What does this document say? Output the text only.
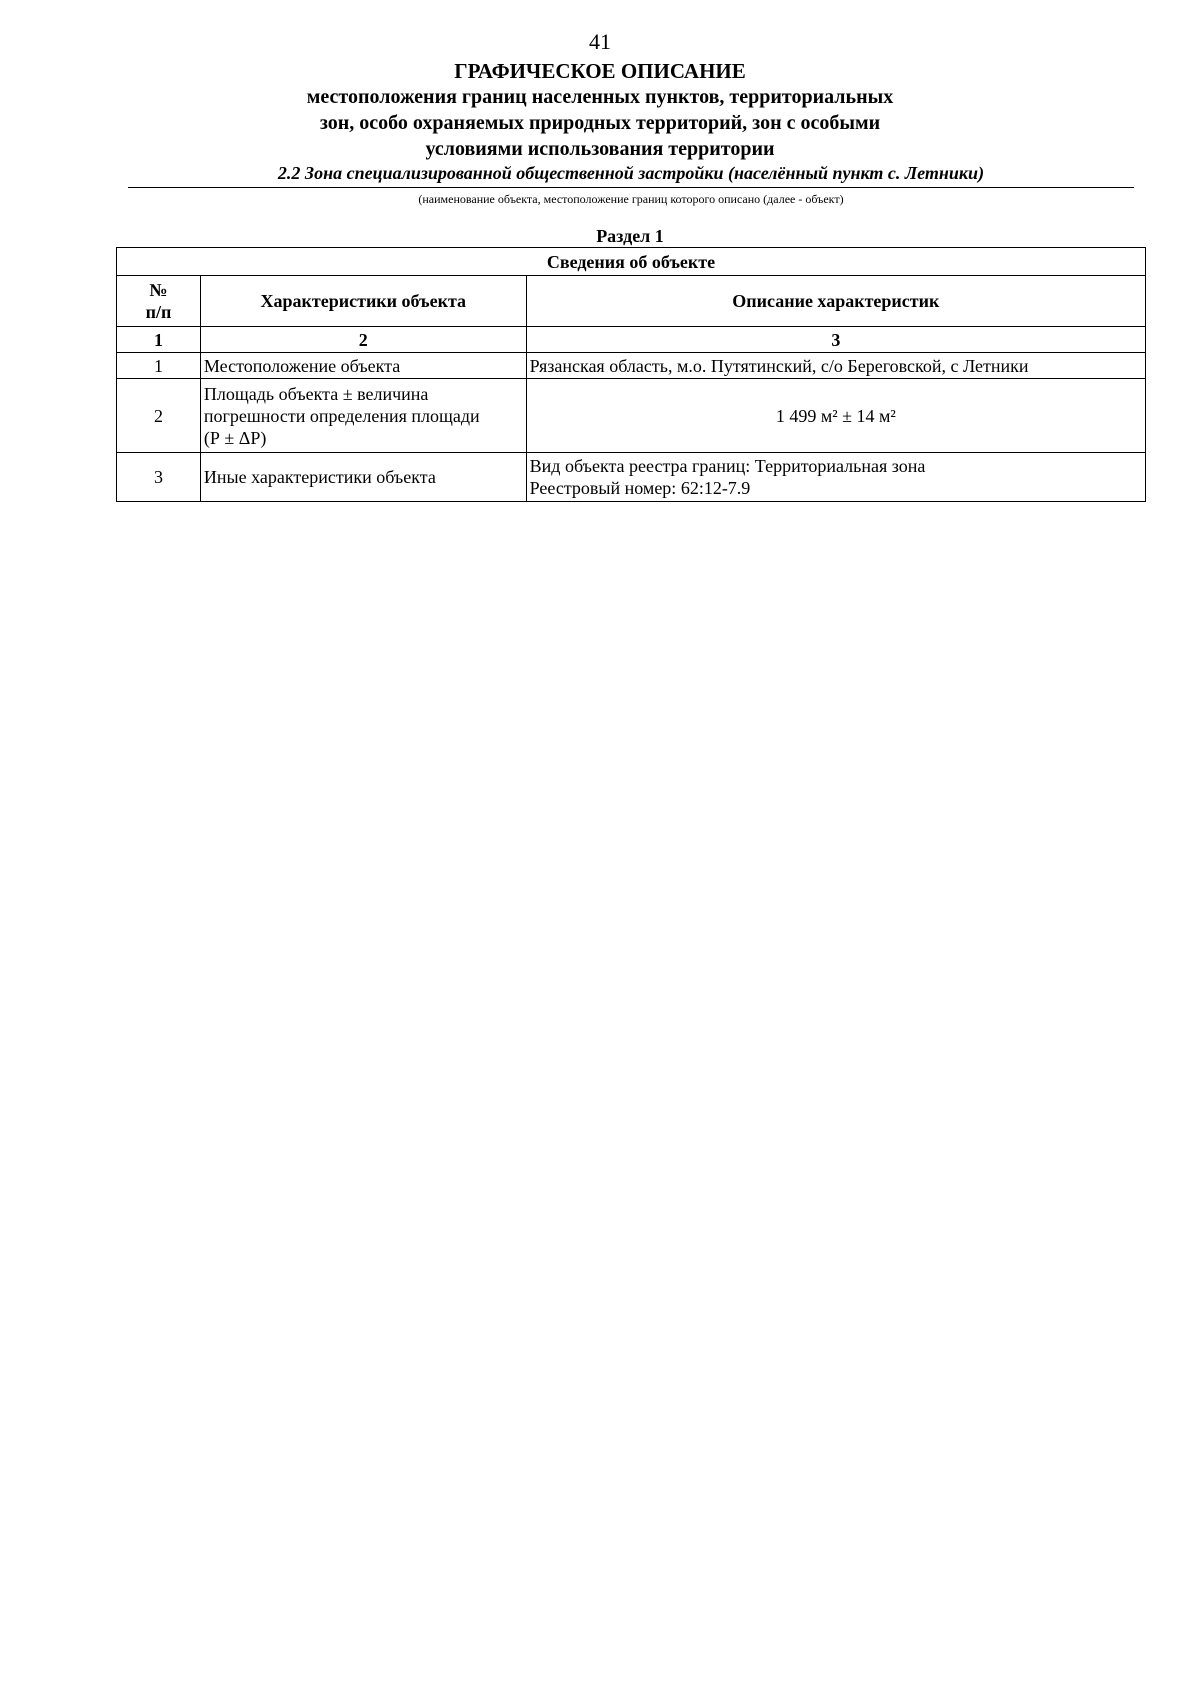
41
ГРАФИЧЕСКОЕ ОПИСАНИЕ
местоположения границ населенных пунктов, территориальных
зон, особо охраняемых природных территорий, зон с особыми
условиями использования территории
2.2 Зона специализированной общественной застройки (населённый пункт с. Летники)
(наименование объекта, местоположение границ которого описано (далее - объект)
Раздел 1
Сведения об объекте		

№
п/п	Характеристики объекта	Описание характеристик
1	2	3
1	Местоположение объекта	Рязанская область, м.о. Путятинский, с/о Береговской, с Летники

2	Площадь объекта ± величина
погрешности определения площади
(Р ± ΔР)	1 499 м² ± 14 м²

3	Иные характеристики объекта	Вид объекта реестра границ: Территориальная зона
Реестровый номер: 62:12-7.9
